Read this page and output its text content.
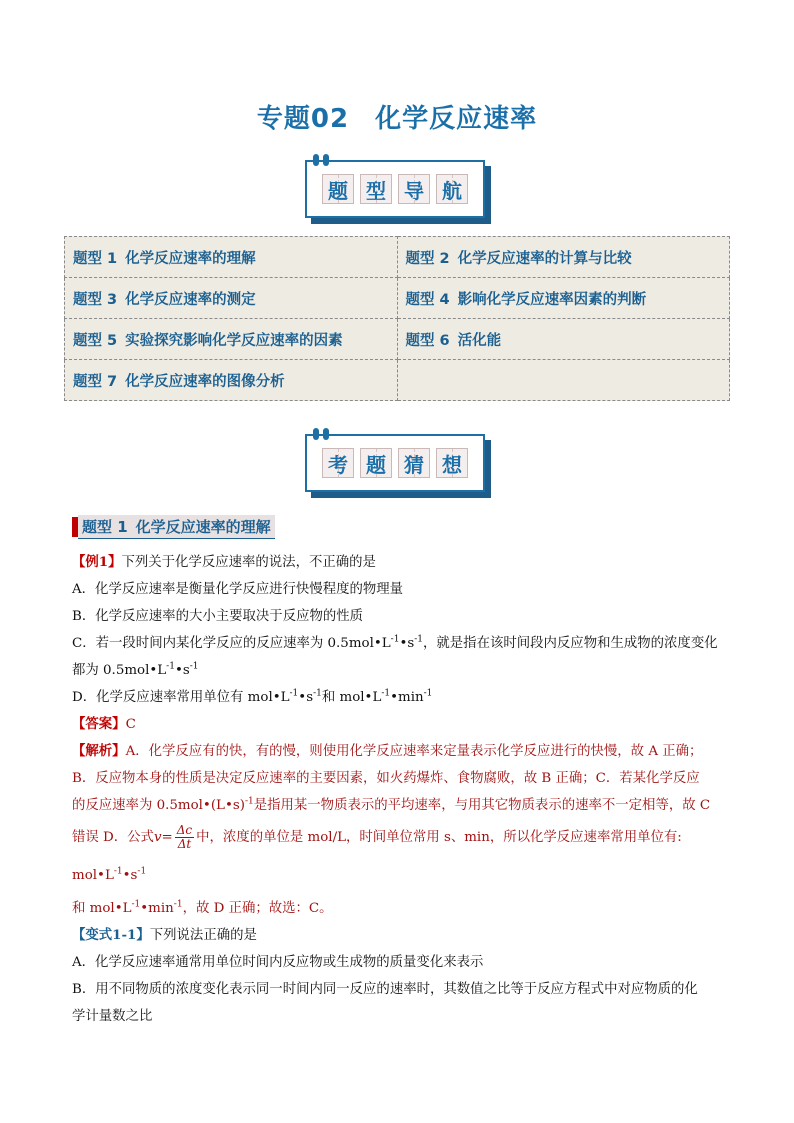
专题02 化学反应速率
题 型 导 航
题型 1 化学反应速率的理解	题型 2 化学反应速率的计算与比较
题型 3 化学反应速率的测定	题型 4 影响化学反应速率因素的判断
题型 5 实验探究影响化学反应速率的因素	题型 6 活化能
题型 7 化学反应速率的图像分析	
考 题 猜 想
题型 1 化学反应速率的理解

【例1】下列关于化学反应速率的说法，不正确的是

A．化学反应速率是衡量化学反应进行快慢程度的物理量

B．化学反应速率的大小主要取决于反应物的性质

C．若一段时间内某化学反应的反应速率为 $0.5mol•L^{-1}•s^{-1}$，就是指在该时间段内反应物和生成物的浓度变化

都为 $0.5mol•L^{-1}•s^{-1}$

D．化学反应速率常用单位有 $mol•L^{-1}•s^{-1}$和 $mol•L^{-1}•\min^{-1}$

【答案】C

【解析】A．化学反应有的快，有的慢，则使用化学反应速率来定量表示化学反应进行的快慢，故 A 正确；

B．反应物本身的性质是决定反应速率的主要因素，如火药爆炸、食物腐败，故 B 正确；C．若某化学反应

的反应速率为 0.5mol•(L•s)$^{-1}$是指用某一物质表示的平均速率，与用其它物质表示的速率不一定相等，故 C

错误 D．公式$v= \frac{\Delta c}{\Delta t}$ 中，浓度的单位是 mol/L，时间单位常用 s、min，所以化学反应速率常用单位有: $mol•L^{-1}•s^{-1}$

和 $mol•L^{-1}•\min^{-1}$，故 D 正确；故选：C。

【变式1-1】下列说法正确的是

A．化学反应速率通常用单位时间内反应物或生成物的质量变化来表示

B．用不同物质的浓度变化表示同一时间内同一反应的速率时，其数值之比等于反应方程式中对应物质的化

学计量数之比
